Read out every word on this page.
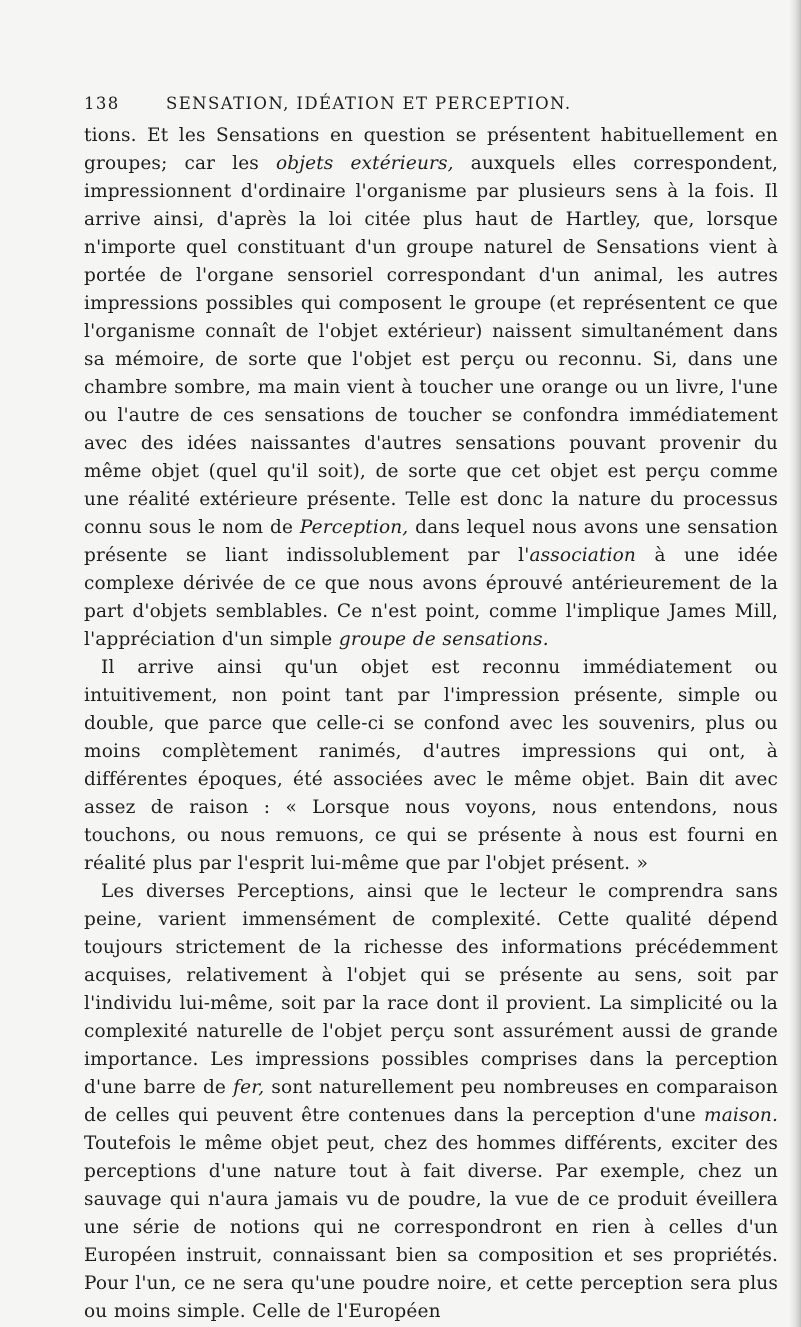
138	SENSATION, IDÉATION ET PERCEPTION.

tions. Et les Sensations en question se présentent habituellement en groupes; car les objets extérieurs, auxquels elles correspondent, impressionnent d'ordinaire l'organisme par plusieurs sens à la fois. Il arrive ainsi, d'après la loi citée plus haut de Hartley, que, lorsque n'importe quel constituant d'un groupe naturel de Sensations vient à portée de l'organe sensoriel correspondant d'un animal, les autres impressions possibles qui composent le groupe (et représentent ce que l'organisme connaît de l'objet extérieur) naissent simultanément dans sa mémoire, de sorte que l'objet est perçu ou reconnu. Si, dans une chambre sombre, ma main vient à toucher une orange ou un livre, l'une ou l'autre de ces sensations de toucher se confondra immédiatement avec des idées naissantes d'autres sensations pouvant provenir du même objet (quel qu'il soit), de sorte que cet objet est perçu comme une réalité extérieure présente. Telle est donc la nature du processus connu sous le nom de Perception, dans lequel nous avons une sensation présente se liant indissolublement par l'association à une idée complexe dérivée de ce que nous avons éprouvé antérieurement de la part d'objets semblables. Ce n'est point, comme l'implique James Mill, l'appréciation d'un simple groupe de sensations.

Il arrive ainsi qu'un objet est reconnu immédiatement ou intuitivement, non point tant par l'impression présente, simple ou double, que parce que celle-ci se confond avec les souvenirs, plus ou moins complètement ranimés, d'autres impressions qui ont, à différentes époques, été associées avec le même objet. Bain dit avec assez de raison : « Lorsque nous voyons, nous entendons, nous touchons, ou nous remuons, ce qui se présente à nous est fourni en réalité plus par l'esprit lui-même que par l'objet présent. »

Les diverses Perceptions, ainsi que le lecteur le comprendra sans peine, varient immensément de complexité. Cette qualité dépend toujours strictement de la richesse des informations précédemment acquises, relativement à l'objet qui se présente au sens, soit par l'individu lui-même, soit par la race dont il provient. La simplicité ou la complexité naturelle de l'objet perçu sont assurément aussi de grande importance. Les impressions possibles comprises dans la perception d'une barre de fer, sont naturellement peu nombreuses en comparaison de celles qui peuvent être contenues dans la perception d'une maison. Toutefois le même objet peut, chez des hommes différents, exciter des perceptions d'une nature tout à fait diverse. Par exemple, chez un sauvage qui n'aura jamais vu de poudre, la vue de ce produit éveillera une série de notions qui ne correspondront en rien à celles d'un Européen instruit, connaissant bien sa composition et ses propriétés. Pour l'un, ce ne sera qu'une poudre noire, et cette perception sera plus ou moins simple. Celle de l'Européen
